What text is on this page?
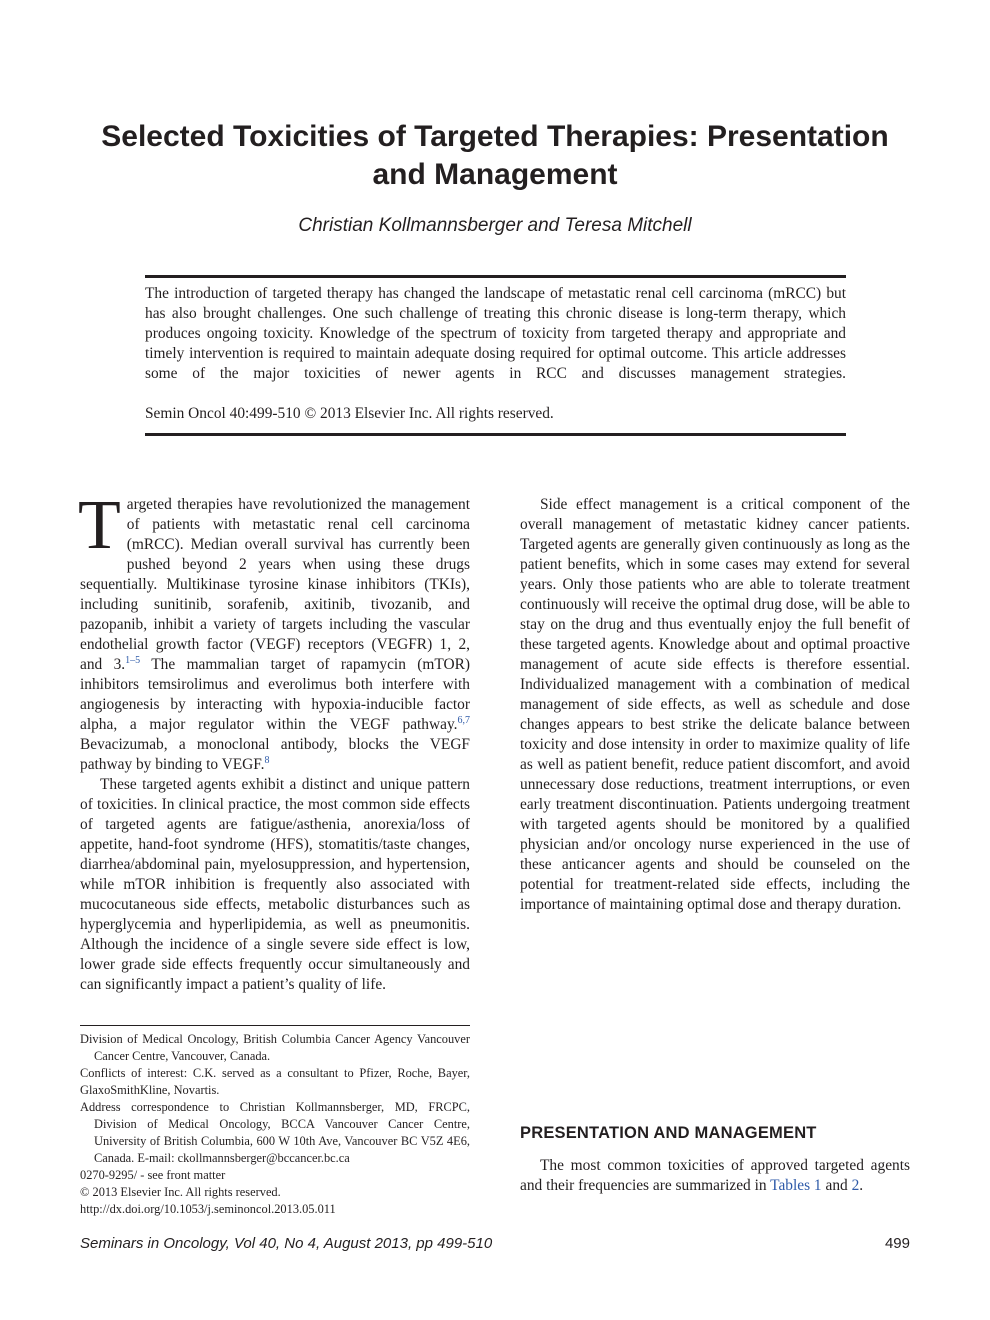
Selected Toxicities of Targeted Therapies: Presentation and Management

Christian Kollmannsberger and Teresa Mitchell

The introduction of targeted therapy has changed the landscape of metastatic renal cell carcinoma (mRCC) but has also brought challenges. One such challenge of treating this chronic disease is long-term therapy, which produces ongoing toxicity. Knowledge of the spectrum of toxicity from targeted therapy and appropriate and timely intervention is required to maintain adequate dosing required for optimal outcome. This article addresses some of the major toxicities of newer agents in RCC and discusses management strategies.

Semin Oncol 40:499-510 © 2013 Elsevier Inc. All rights reserved.

Targeted therapies have revolutionized the management of patients with metastatic renal cell carcinoma (mRCC). Median overall survival has currently been pushed beyond 2 years when using these drugs sequentially. Multikinase tyrosine kinase inhibitors (TKIs), including sunitinib, sorafenib, axitinib, tivozanib, and pazopanib, inhibit a variety of targets including the vascular endothelial growth factor (VEGF) receptors (VEGFR) 1, 2, and 3.$^{1-5}$ The mammalian target of rapamycin (mTOR) inhibitors temsirolimus and everolimus both interfere with angiogenesis by interacting with hypoxia-inducible factor alpha, a major regulator within the VEGF pathway.$^{6,7}$ Bevacizumab, a monoclonal antibody, blocks the VEGF pathway by binding to VEGF.$^8$

These targeted agents exhibit a distinct and unique pattern of toxicities. In clinical practice, the most common side effects of targeted agents are fatigue/asthenia, anorexia/loss of appetite, hand-foot syndrome (HFS), stomatitis/taste changes, diarrhea/abdominal pain, myelosuppression, and hypertension, while mTOR inhibition is frequently also associated with mucocutaneous side effects, metabolic disturbances such as hyperglycemia and hyperlipidemia, as well as pneumonitis. Although the incidence of a single severe side effect is low, lower grade side effects frequently occur simultaneously and can significantly impact a patient’s quality of life.

Side effect management is a critical component of the overall management of metastatic kidney cancer patients. Targeted agents are generally given continuously as long as the patient benefits, which in some cases may extend for several years. Only those patients who are able to tolerate treatment continuously will receive the optimal drug dose, will be able to stay on the drug and thus eventually enjoy the full benefit of these targeted agents. Knowledge about and optimal proactive management of acute side effects is therefore essential. Individualized management with a combination of medical management of side effects, as well as schedule and dose changes appears to best strike the delicate balance between toxicity and dose intensity in order to maximize quality of life as well as patient benefit, reduce patient discomfort, and avoid unnecessary dose reductions, treatment interruptions, or even early treatment discontinuation. Patients undergoing treatment with targeted agents should be monitored by a qualified physician and/or oncology nurse experienced in the use of these anticancer agents and should be counseled on the potential for treatment-related side effects, including the importance of maintaining optimal dose and therapy duration.

Division of Medical Oncology, British Columbia Cancer Agency Vancouver Cancer Centre, Vancouver, Canada.

Conflicts of interest: C.K. served as a consultant to Pfizer, Roche, Bayer, GlaxoSmithKline, Novartis.

Address correspondence to Christian Kollmannsberger, MD, FRCPC, Division of Medical Oncology, BCCA Vancouver Cancer Centre, University of British Columbia, 600 W 10th Ave, Vancouver BC V5Z 4E6, Canada. E-mail: ckollmannsberger@bccancer.bc.ca

0270-9295/ - see front matter

© 2013 Elsevier Inc. All rights reserved.

http://dx.doi.org/10.1053/j.seminoncol.2013.05.011

PRESENTATION AND MANAGEMENT

The most common toxicities of approved targeted agents and their frequencies are summarized in Tables 1 and 2.

Seminars in Oncology, Vol 40, No 4, August 2013, pp 499-510	499
